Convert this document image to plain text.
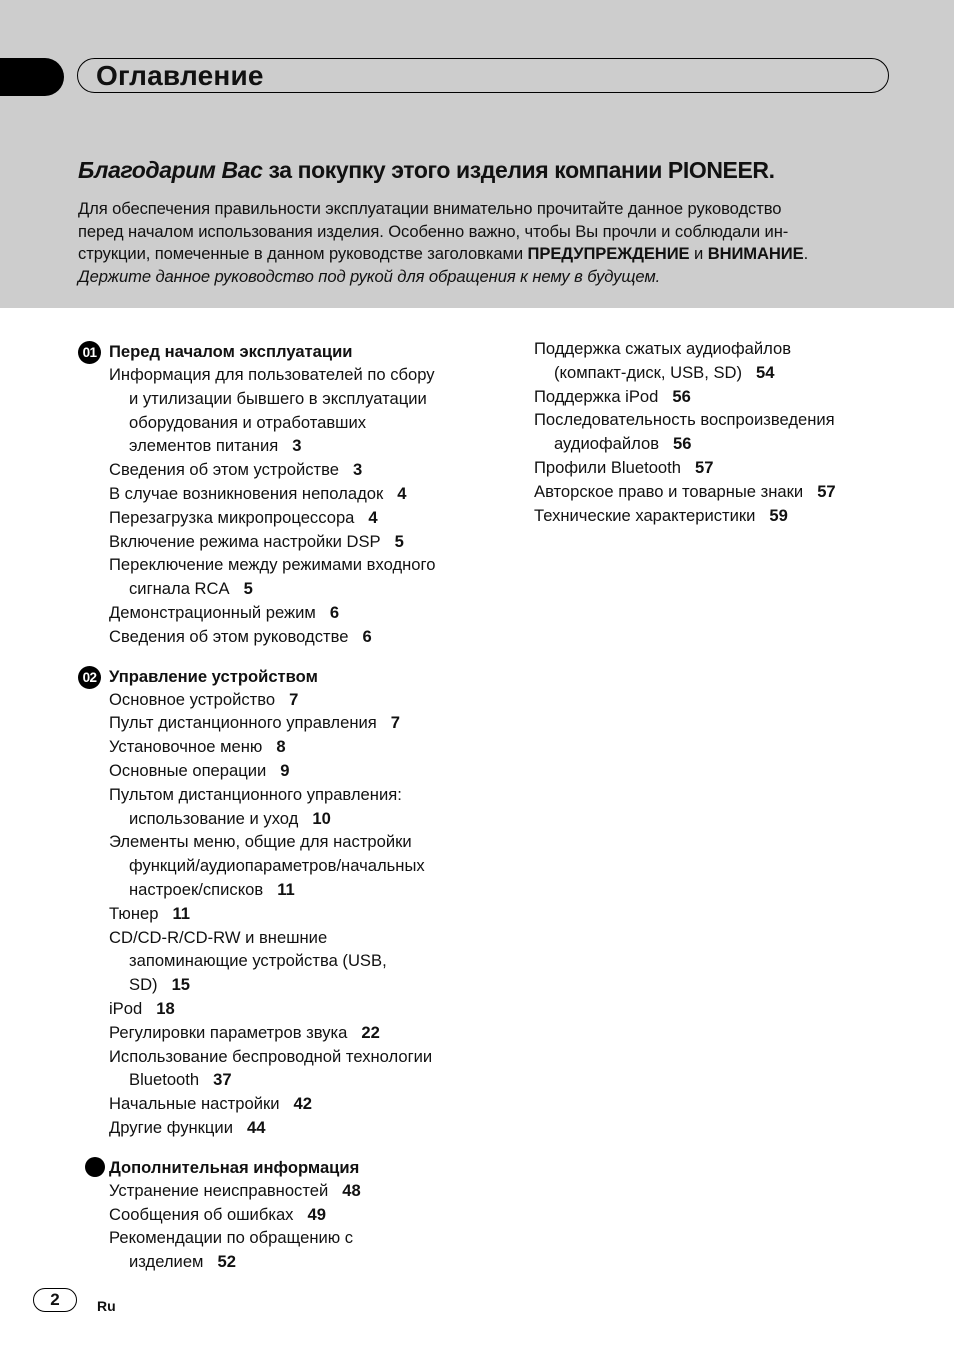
Оглавление
Благодарим Вас за покупку этого изделия компании PIONEER.

Для обеспечения правильности эксплуатации внимательно прочитайте данное руководство

перед началом использования изделия. Особенно важно, чтобы Вы прочли и соблюдали ин-

струкции, помеченные в данном руководстве заголовками ПРЕДУПРЕЖДЕНИЕ и ВНИМАНИЕ.

Держите данное руководство под рукой для обращения к нему в будущем.

01 Перед началом эксплуатации
Информация для пользователей по сбору
и утилизации бывшего в эксплуатации
оборудования и отработавших
элементов питания 3
Сведения об этом устройстве 3
В случае возникновения неполадок 4
Перезагрузка микропроцессора 4
Включение режима настройки DSP 5
Переключение между режимами входного
сигнала RCA 5
Демонстрационный режим 6
Сведения об этом руководстве 6
02 Управление устройством
Основное устройство 7
Пульт дистанционного управления 7
Установочное меню 8
Основные операции 9
Пультом дистанционного управления:
использование и уход 10
Элементы меню, общие для настройки
функций/аудиопараметров/начальных
настроек/списков 11
Тюнер 11
CD/CD-R/CD-RW и внешние
запоминающие устройства (USB,
SD) 15
iPod 18
Регулировки параметров звука 22
Использование беспроводной технологии
Bluetooth 37
Начальные настройки 42
Другие функции 44
Дополнительная информация
Устранение неисправностей 48
Сообщения об ошибках 49
Рекомендации по обращению с
изделием 52
Поддержка сжатых аудиофайлов
(компакт-диск, USB, SD) 54
Поддержка iPod 56
Последовательность воспроизведения
аудиофайлов 56
Профили Bluetooth 57
Авторское право и товарные знаки 57
Технические характеристики 59
2	Ru
